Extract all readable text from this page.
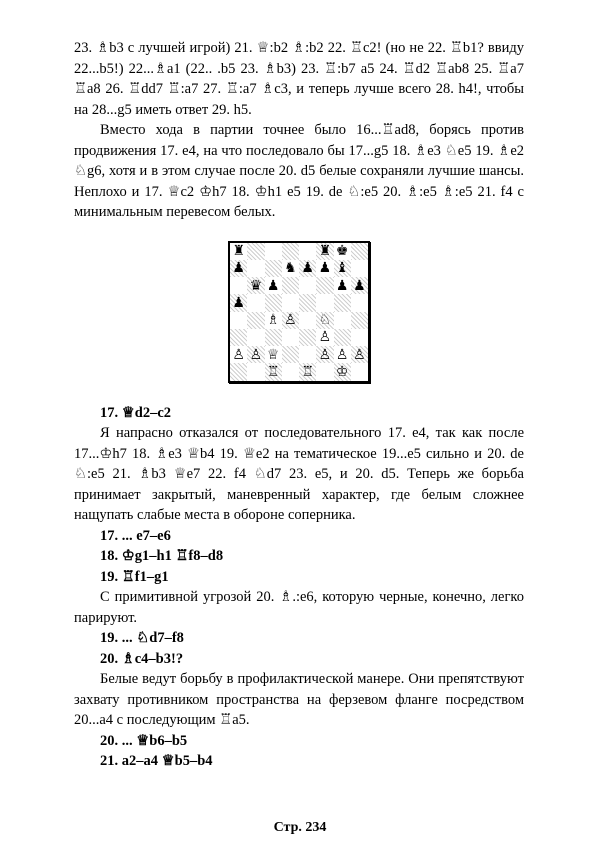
23. ♗b3 с лучшей игрой) 21. ♕:b2 ♗:b2 22. ♖c2! (но не 22. ♖b1? ввиду 22...b5!) 22...♗a1 (22.. .b5 23. ♗b3) 23. ♖:b7 a5 24. ♖d2 ♖ab8 25. ♖a7 ♖a8 26. ♖dd7 ♖:a7 27. ♖:a7 ♗c3, и теперь лучше всего 28. h4!, чтобы на 28...g5 иметь ответ 29. h5.

Вместо хода в партии точнее было 16...♖ad8, борясь против продвижения 17. e4, на что последовало бы 17...g5 18. ♗e3 ♘e5 19. ♗e2 ♘g6, хотя и в этом случае после 20. d5 белые сохраняли лучшие шансы. Неплохо и 17. ♕c2 ♔h7 18. ♔h1 e5 19. de ♘:e5 20. ♗:e5 ♗:e5 21. f4 с минимальным перевесом белых.

♜	♜ ♚
♟	♞ ♟ ♟ ♝
♛ ♟	♟ ♟
♟
♗ ♙ ♘
♙
♙ ♙ ♕	♙ ♙ ♙
♖ ♖ ♔
17. ♕d2–c2

Я напрасно отказался от последовательного 17. e4, так как после 17...♔h7 18. ♗e3 ♕b4 19. ♕e2 на тематическое 19...e5 сильно и 20. de ♘:e5 21. ♗b3 ♕e7 22. f4 ♘d7 23. e5, и 20. d5. Теперь же борьба принимает закрытый, маневренный характер, где белым сложнее нащупать слабые места в обороне соперника.

17. ... e7–e6
18. ♔g1–h1 ♖f8–d8
19. ♖f1–g1

С примитивной угрозой 20. ♗.:e6, которую черные, конечно, легко парируют.

19. ... ♘d7–f8
20. ♗c4–b3!?

Белые ведут борьбу в профилактической манере. Они препятствуют захвату противником пространства на ферзевом фланге посредством 20...a4 с последующим ♖a5.

20. ... ♕b6–b5
21. a2–a4 ♕b5–b4
Стр. 234
